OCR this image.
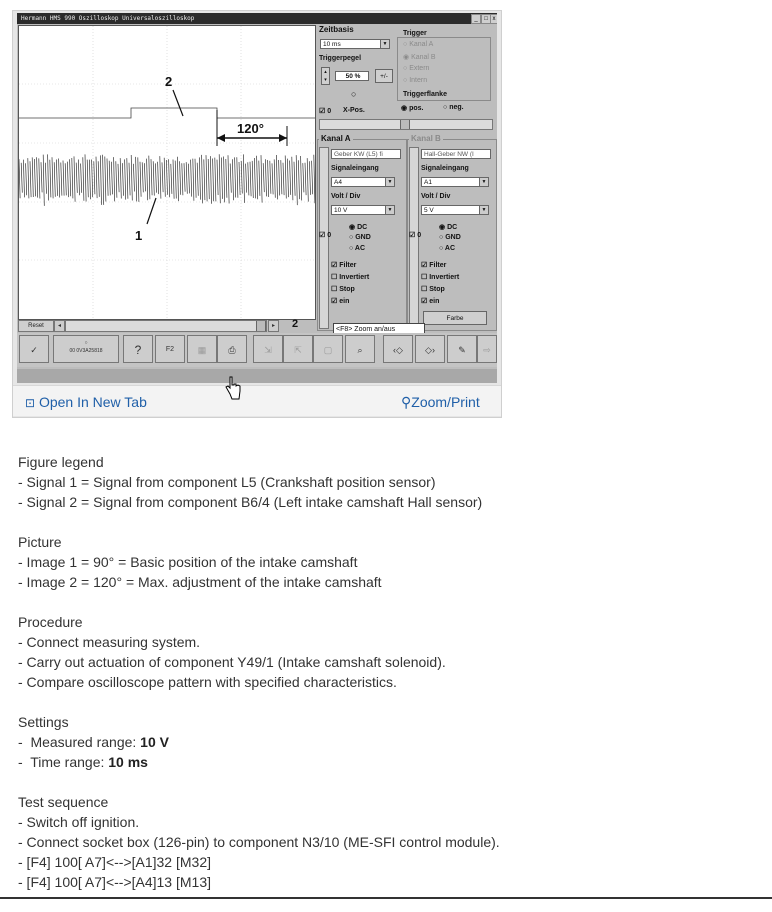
Hermann HMS 990 Oszilloskop Universaloszilloskop	_	□ x
120°
2
1
Reset	◂	▸	2
Zeitbasis
10 ms	▼
Triggerpegel
▴
▾	50 %	+/-
○
Trigger
○ Kanal A
◉ Kanal B
○ Extern
○ Intern
Triggerflanke
◉ pos.	○ neg.
☑ 0 X-Pos.
Kanal A
Geber KW (L5) fi
Signaleingang
A4	▼
Volt / Div
10 V	▼
☑ 0
◉ DC
○ GND
○ AC
☑ Filter
☐ Invertiert
☐ Stop
☑ ein
Kanal B
Hall-Geber NW (I
Signaleingang
A1	▼
Volt / Div
5 V	▼
☑ 0
◉ DC
○ GND
○ AC
☑ Filter
☐ Invertiert
☐ Stop
☑ ein
Farbe
<F8> Zoom an/aus
✓
○
00 0V3A25818	?	F2	▦	⎙	⇲	⇱	▢	⌕	‹◇	◇›	✎	⇨
⊡ Open In New Tab	⚲Zoom/Print

Figure legend

- Signal 1 = Signal from component L5 (Crankshaft position sensor)

- Signal 2 = Signal from component B6/4 (Left intake camshaft Hall sensor)

Picture

- Image 1 = 90° = Basic position of the intake camshaft

- Image 2 = 120° = Max. adjustment of the intake camshaft

Procedure

- Connect measuring system.

- Carry out actuation of component Y49/1 (Intake camshaft solenoid).

- Compare oscilloscope pattern with specified characteristics.

Settings

-  Measured range: 10 V

-  Time range: 10 ms

Test sequence

- Switch off ignition.

- Connect socket box (126-pin) to component N3/10 (ME-SFI control module).

- [F4] 100[ A7]<-->[A1]32 [M32]

- [F4] 100[ A7]<-->[A4]13 [M13]
